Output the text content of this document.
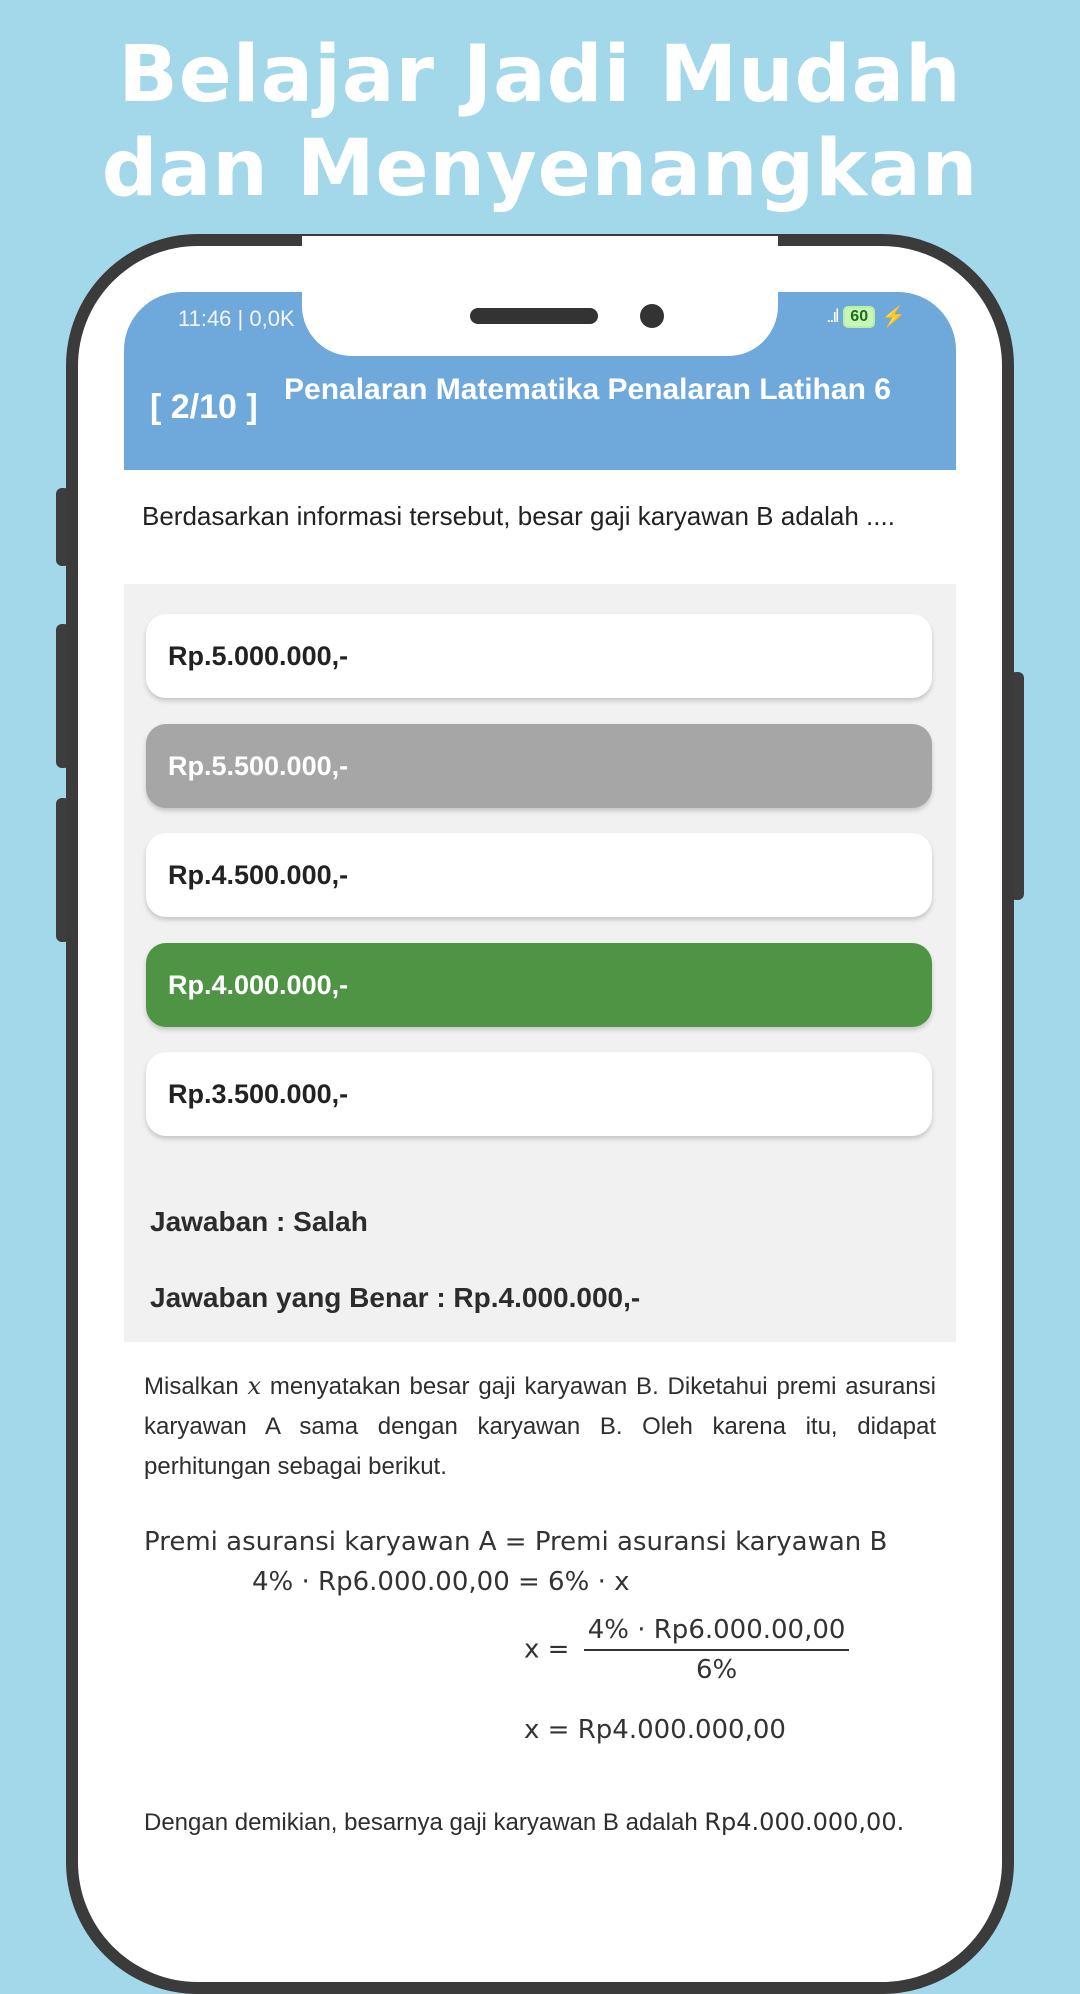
Belajar Jadi Mudah
dan Menyenangkan
11:46 | 0,0K	..ıl 60 ⚡
[ 2/10 ] Penalaran Matematika Penalaran Latihan 6
Berdasarkan informasi tersebut, besar gaji karyawan B adalah ....
Rp.5.000.000,-
Rp.5.500.000,-
Rp.4.500.000,-
Rp.4.000.000,-
Rp.3.500.000,-
Jawaban : Salah
Jawaban yang Benar : Rp.4.000.000,-
Misalkan x menyatakan besar gaji karyawan B. Diketahui premi asuransi karyawan A sama dengan karyawan B. Oleh karena itu, didapat perhitungan sebagai berikut.
Premi asuransi karyawan A = Premi asuransi karyawan B
4% · Rp6.000.00,00 = 6% · x
$x = \frac{4\% \cdot Rp6.000.00,00}{6\%}$
x = Rp4.000.000,00
Dengan demikian, besarnya gaji karyawan B adalah Rp4.000.000,00.
